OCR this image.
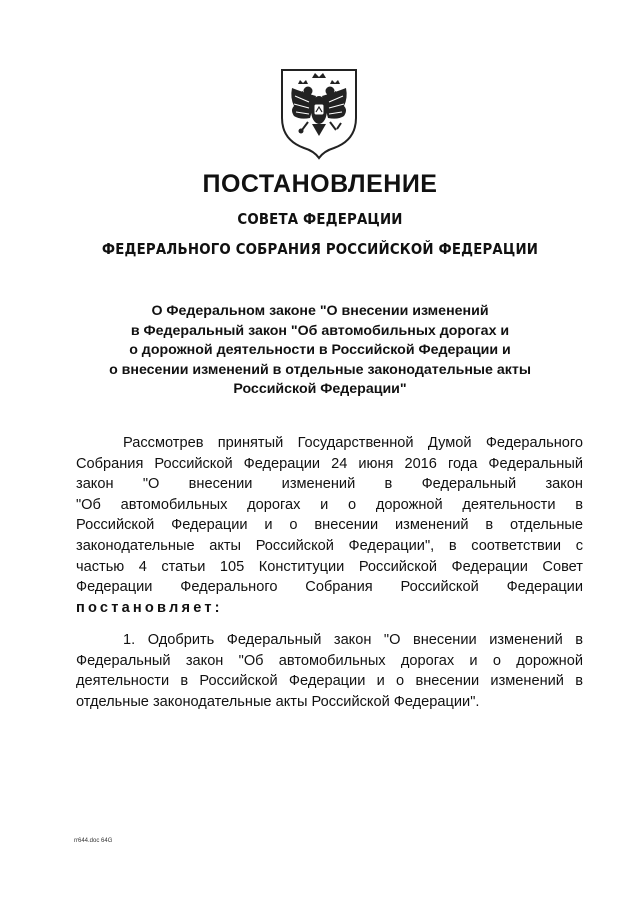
ПОСТАНОВЛЕНИЕ
СОВЕТА ФЕДЕРАЦИИ
ФЕДЕРАЛЬНОГО СОБРАНИЯ РОССИЙСКОЙ ФЕДЕРАЦИИ
О Федеральном законе "О внесении изменений
в Федеральный закон "Об автомобильных дорогах и
о дорожной деятельности в Российской Федерации и
о внесении изменений в отдельные законодательные акты
Российской Федерации"
Рассмотрев принятый Государственной Думой Федерального
Собрания Российской Федерации 24 июня 2016 года Федеральный
закон "О внесении изменений в Федеральный закон
"Об автомобильных дорогах и о дорожной деятельности в
Российской Федерации и о внесении изменений в отдельные
законодательные акты Российской Федерации", в соответствии с
частью 4 статьи 105 Конституции Российской Федерации Совет
Федерации Федерального Собрания Российской Федерации
постановляет:
1. Одобрить Федеральный закон "О внесении изменений в
Федеральный закон "Об автомобильных дорогах и о дорожной
деятельности в Российской Федерации и о внесении изменений в
отдельные законодательные акты Российской Федерации".
rr644.doc 64G
